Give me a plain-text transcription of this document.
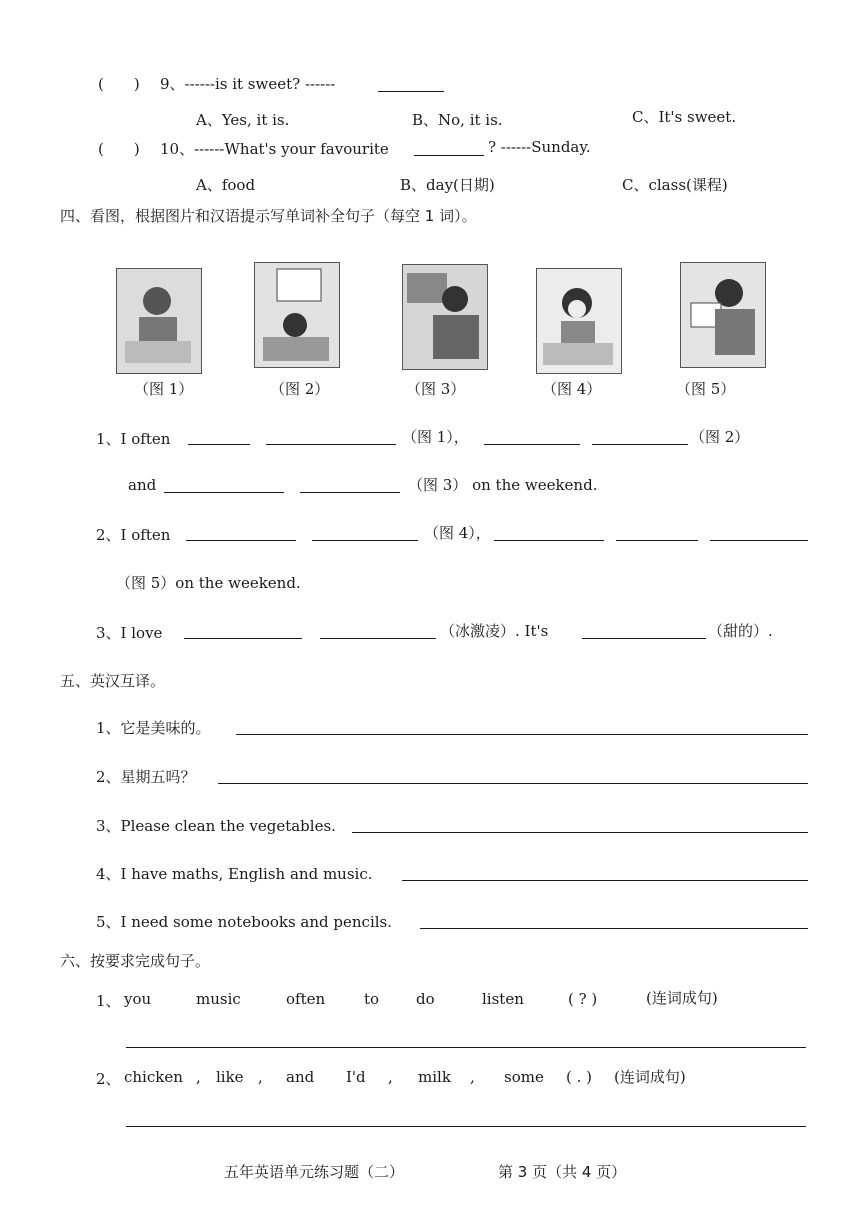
(　　) 9、------is it sweet? ------
A、Yes, it is.	B、No, it is.	C、It's sweet.
(　　) 10、------What's your favourite	? ------Sunday.
A、food	B、day(日期)	C、class(课程)
四、看图，根据图片和汉语提示写单词补全句子（每空 1 词）。
（图 1）	（图 2）	（图 3）	（图 4）	（图 5）
1、I often	（图 1），	（图 2）
and	（图 3） on the weekend.
2、I often	（图 4），
（图 5）on the weekend.
3、I love	（冰激凌）. It's	（甜的）.
五、英汉互译。
1、它是美味的。
2、星期五吗？
3、Please clean the vegetables.
4、I have maths, English and music.
5、I need some notebooks and pencils.
六、按要求完成句子。
1、 you	music	often	to do	listen	( ? )	(连词成句)
2、 chicken , like , and I'd , milk , some ( . ) (连词成句)
五年英语单元练习题（二）	第 3 页（共 4 页）
